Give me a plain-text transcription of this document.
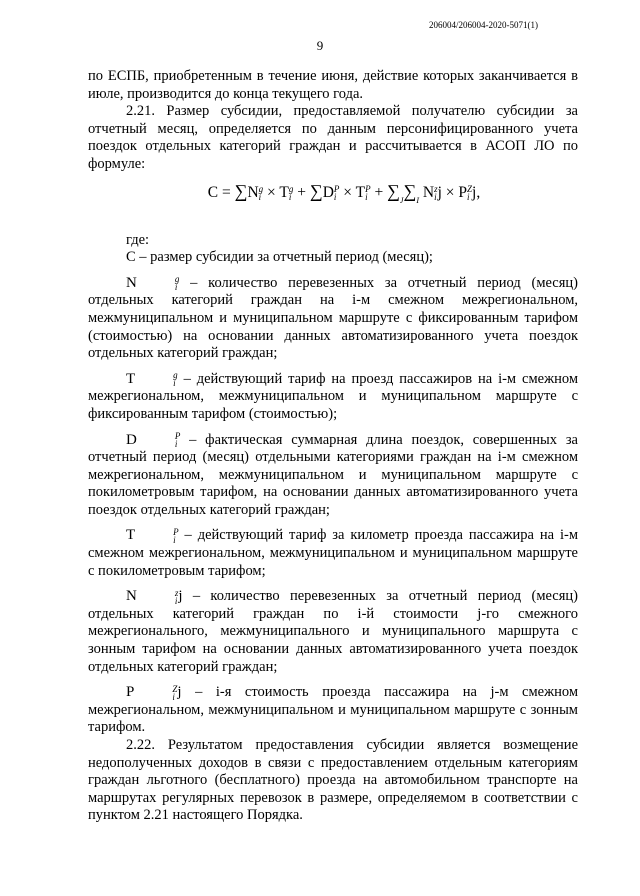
206004/206004-2020-5071(1)
9

по ЕСПБ, приобретенным в течение июня, действие которых заканчивается в июле, производится до конца текущего года.

2.21. Размер субсидии, предоставляемой получателю субсидии за отчетный месяц, определяется по данным персонифицированного учета поездок отдельных категорий граждан и рассчитывается в АСОП ЛО по формуле:

С = ∑N g
i × T g
i + ∑D P
i × T P
$i + \sum_J\sum_I$ N z
i j × P Z
i j,

где:

С – размер субсидии за отчетный период (месяц);

N	g
i – количество перевезенных за отчетный период (месяц) отдельных категорий граждан на i-м смежном межрегиональном, межмуниципальном и муниципальном маршруте с фиксированным тарифом (стоимостью) на основании данных автоматизированного учета поездок отдельных категорий граждан;

T	g
i – действующий тариф на проезд пассажиров на i-м смежном межрегиональном, межмуниципальном и муниципальном маршруте с фиксированным тарифом (стоимостью);

D	P
i – фактическая суммарная длина поездок, совершенных за отчетный период (месяц) отдельными категориями граждан на i-м смежном межрегиональном, межмуниципальном и муниципальном маршруте с покилометровым тарифом, на основании данных автоматизированного учета поездок отдельных категорий граждан;

T	P
i – действующий тариф за километр проезда пассажира на i-м смежном межрегиональном, межмуниципальном и муниципальном маршруте с покилометровым тарифом;

N	z
i j – количество перевезенных за отчетный период (месяц) отдельных категорий граждан по i-й стоимости j-го смежного межрегионального, межмуниципального и муниципального маршрута с зонным тарифом на основании данных автоматизированного учета поездок отдельных категорий граждан;

P	Z
i j – i-я стоимость проезда пассажира на j-м смежном межрегиональном, межмуниципальном и муниципальном маршруте с зонным тарифом.

2.22. Результатом предоставления субсидии является возмещение недополученных доходов в связи с предоставлением отдельным категориям граждан льготного (бесплатного) проезда на автомобильном транспорте на маршрутах регулярных перевозок в размере, определяемом в соответствии с пунктом 2.21 настоящего Порядка.
